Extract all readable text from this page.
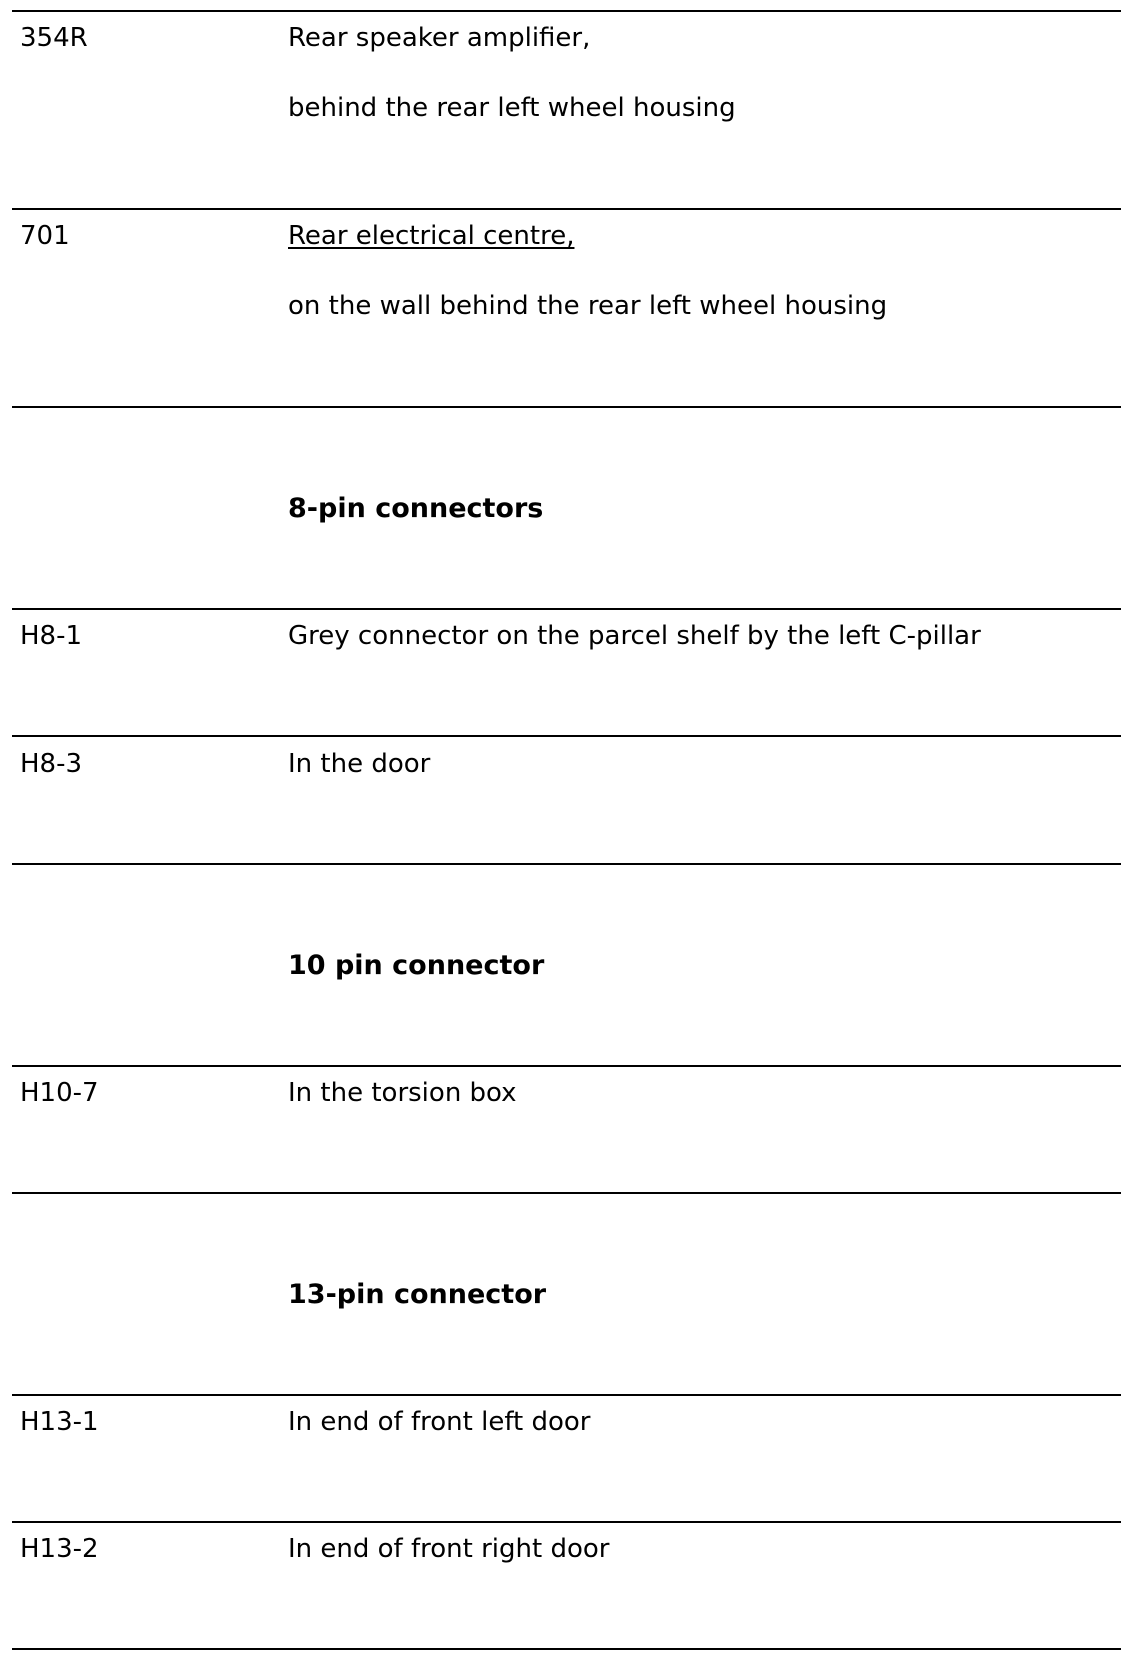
354R	Rear speaker amplifier,
behind the rear left wheel housing
701	Rear electrical centre,
on the wall behind the rear left wheel housing
8-pin connectors
H8-1	Grey connector on the parcel shelf by the left C-pillar
H8-3	In the door
10 pin connector
H10-7	In the torsion box
13-pin connector
H13-1	In end of front left door
H13-2	In end of front right door
